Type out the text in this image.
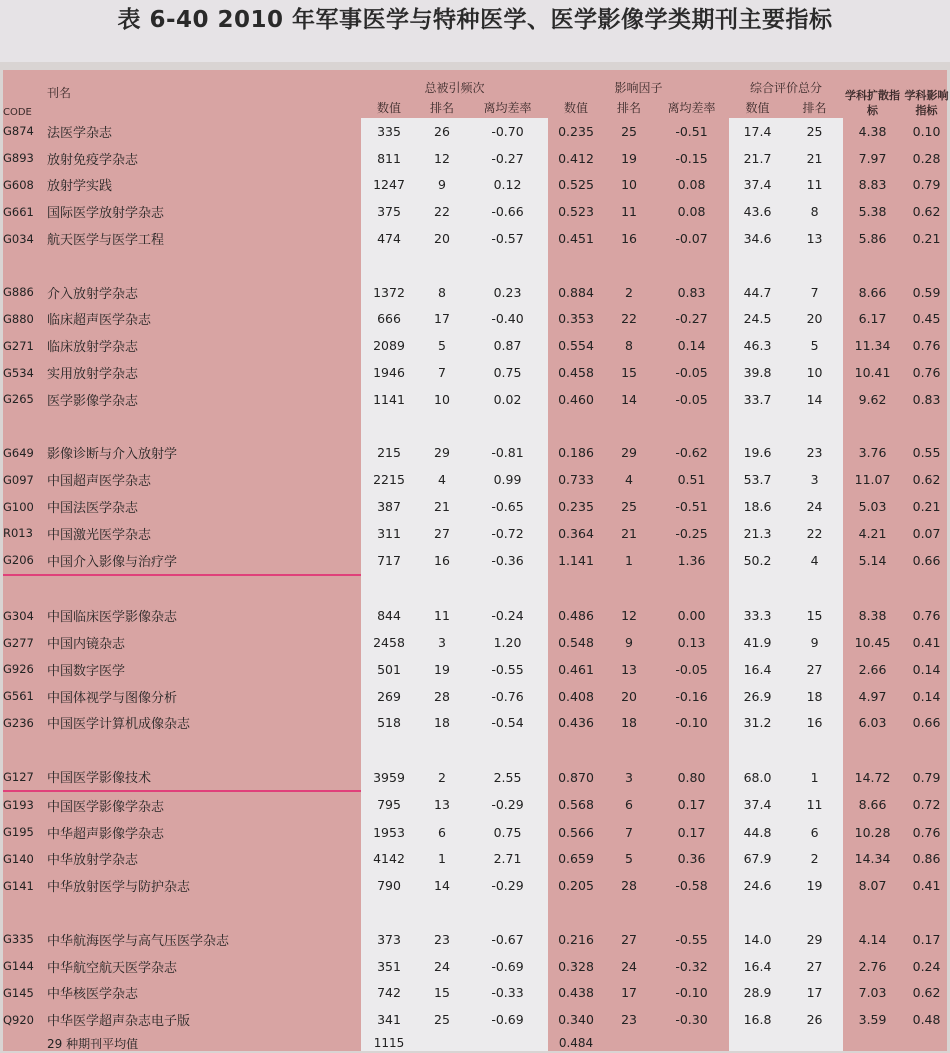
表 6-40 2010 年军事医学与特种医学、医学影像学类期刊主要指标
CODE	刊名	总被引频次			影响因子			综合评价总分		学科扩散指标	学科影响指标
		数值	排名	离均差率	数值	排名	离均差率	数值	排名		
G874	法医学杂志	335	26	-0.70	0.235	25	-0.51	17.4	25	4.38	0.10
G893	放射免疫学杂志	811	12	-0.27	0.412	19	-0.15	21.7	21	7.97	0.28
G608	放射学实践	1247	9	0.12	0.525	10	0.08	37.4	11	8.83	0.79
G661	国际医学放射学杂志	375	22	-0.66	0.523	11	0.08	43.6	8	5.38	0.62
G034	航天医学与医学工程	474	20	-0.57	0.451	16	-0.07	34.6	13	5.86	0.21

G886	介入放射学杂志	1372	8	0.23	0.884	2	0.83	44.7	7	8.66	0.59
G880	临床超声医学杂志	666	17	-0.40	0.353	22	-0.27	24.5	20	6.17	0.45
G271	临床放射学杂志	2089	5	0.87	0.554	8	0.14	46.3	5	11.34	0.76
G534	实用放射学杂志	1946	7	0.75	0.458	15	-0.05	39.8	10	10.41	0.76
G265	医学影像学杂志	1141	10	0.02	0.460	14	-0.05	33.7	14	9.62	0.83

G649	影像诊断与介入放射学	215	29	-0.81	0.186	29	-0.62	19.6	23	3.76	0.55
G097	中国超声医学杂志	2215	4	0.99	0.733	4	0.51	53.7	3	11.07	0.62
G100	中国法医学杂志	387	21	-0.65	0.235	25	-0.51	18.6	24	5.03	0.21
R013	中国激光医学杂志	311	27	-0.72	0.364	21	-0.25	21.3	22	4.21	0.07
G206	中国介入影像与治疗学	717	16	-0.36	1.141	1	1.36	50.2	4	5.14	0.66

G304	中国临床医学影像杂志	844	11	-0.24	0.486	12	0.00	33.3	15	8.38	0.76
G277	中国内镜杂志	2458	3	1.20	0.548	9	0.13	41.9	9	10.45	0.41
G926	中国数字医学	501	19	-0.55	0.461	13	-0.05	16.4	27	2.66	0.14
G561	中国体视学与图像分析	269	28	-0.76	0.408	20	-0.16	26.9	18	4.97	0.14
G236	中国医学计算机成像杂志	518	18	-0.54	0.436	18	-0.10	31.2	16	6.03	0.66

G127	中国医学影像技术	3959	2	2.55	0.870	3	0.80	68.0	1	14.72	0.79
G193	中国医学影像学杂志	795	13	-0.29	0.568	6	0.17	37.4	11	8.66	0.72
G195	中华超声影像学杂志	1953	6	0.75	0.566	7	0.17	44.8	6	10.28	0.76
G140	中华放射学杂志	4142	1	2.71	0.659	5	0.36	67.9	2	14.34	0.86
G141	中华放射医学与防护杂志	790	14	-0.29	0.205	28	-0.58	24.6	19	8.07	0.41

G335	中华航海医学与高气压医学杂志	373	23	-0.67	0.216	27	-0.55	14.0	29	4.14	0.17
G144	中华航空航天医学杂志	351	24	-0.69	0.328	24	-0.32	16.4	27	2.76	0.24
G145	中华核医学杂志	742	15	-0.33	0.438	17	-0.10	28.9	17	7.03	0.62
Q920	中华医学超声杂志电子版	341	25	-0.69	0.340	23	-0.30	16.8	26	3.59	0.48
	29 种期刊平均值	1115			0.484						
